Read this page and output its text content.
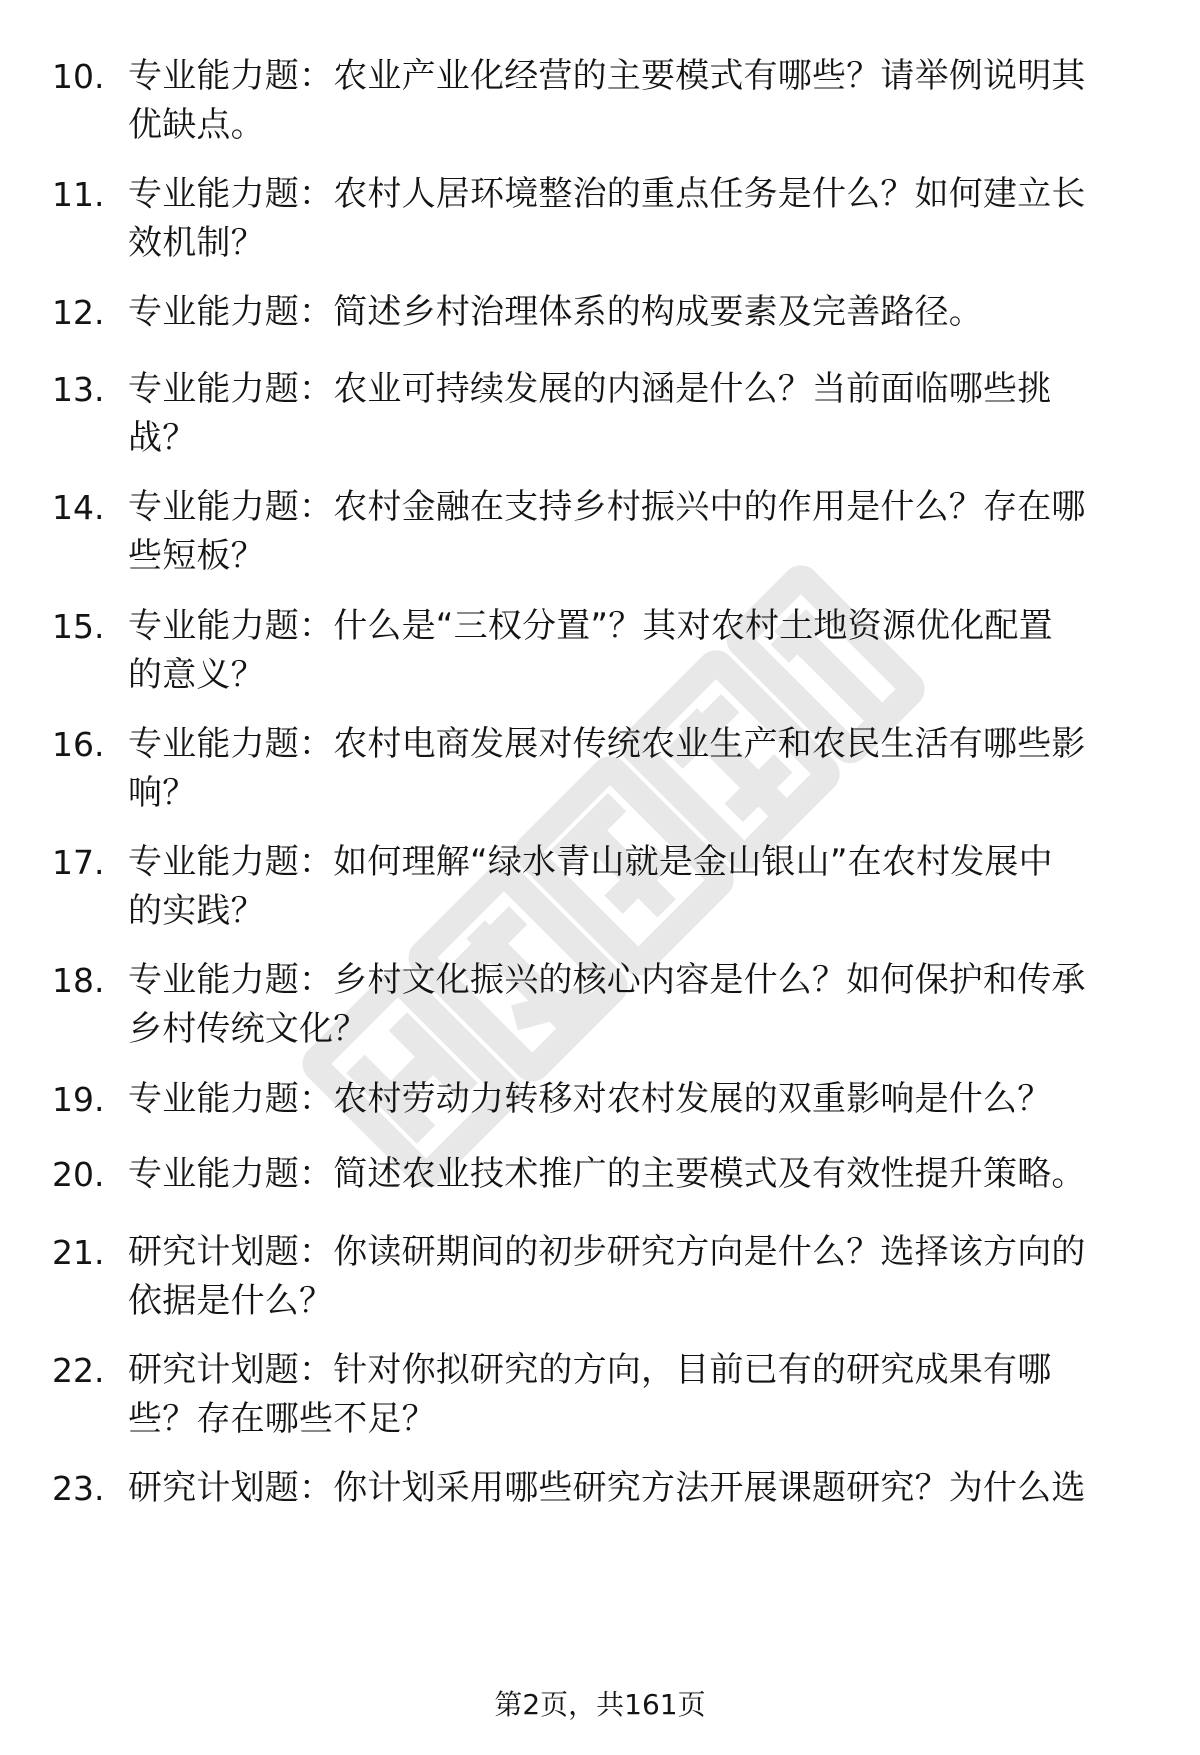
10. 专业能力题：农业产业化经营的主要模式有哪些？请举例说明其
优缺点。
11. 专业能力题：农村人居环境整治的重点任务是什么？如何建立长
效机制？
12. 专业能力题：简述乡村治理体系的构成要素及完善路径。
13. 专业能力题：农业可持续发展的内涵是什么？当前面临哪些挑
战？
14. 专业能力题：农村金融在支持乡村振兴中的作用是什么？存在哪
些短板？
15. 专业能力题：什么是“三权分置”？其对农村土地资源优化配置
的意义？
16. 专业能力题：农村电商发展对传统农业生产和农民生活有哪些影
响？
17. 专业能力题：如何理解“绿水青山就是金山银山”在农村发展中
的实践？
18. 专业能力题：乡村文化振兴的核心内容是什么？如何保护和传承
乡村传统文化？
19. 专业能力题：农村劳动力转移对农村发展的双重影响是什么？
20. 专业能力题：简述农业技术推广的主要模式及有效性提升策略。
21. 研究计划题：你读研期间的初步研究方向是什么？选择该方向的
依据是什么？
22. 研究计划题：针对你拟研究的方向，目前已有的研究成果有哪
些？存在哪些不足？
23. 研究计划题：你计划采用哪些研究方法开展课题研究？为什么选
第2页，共161页
